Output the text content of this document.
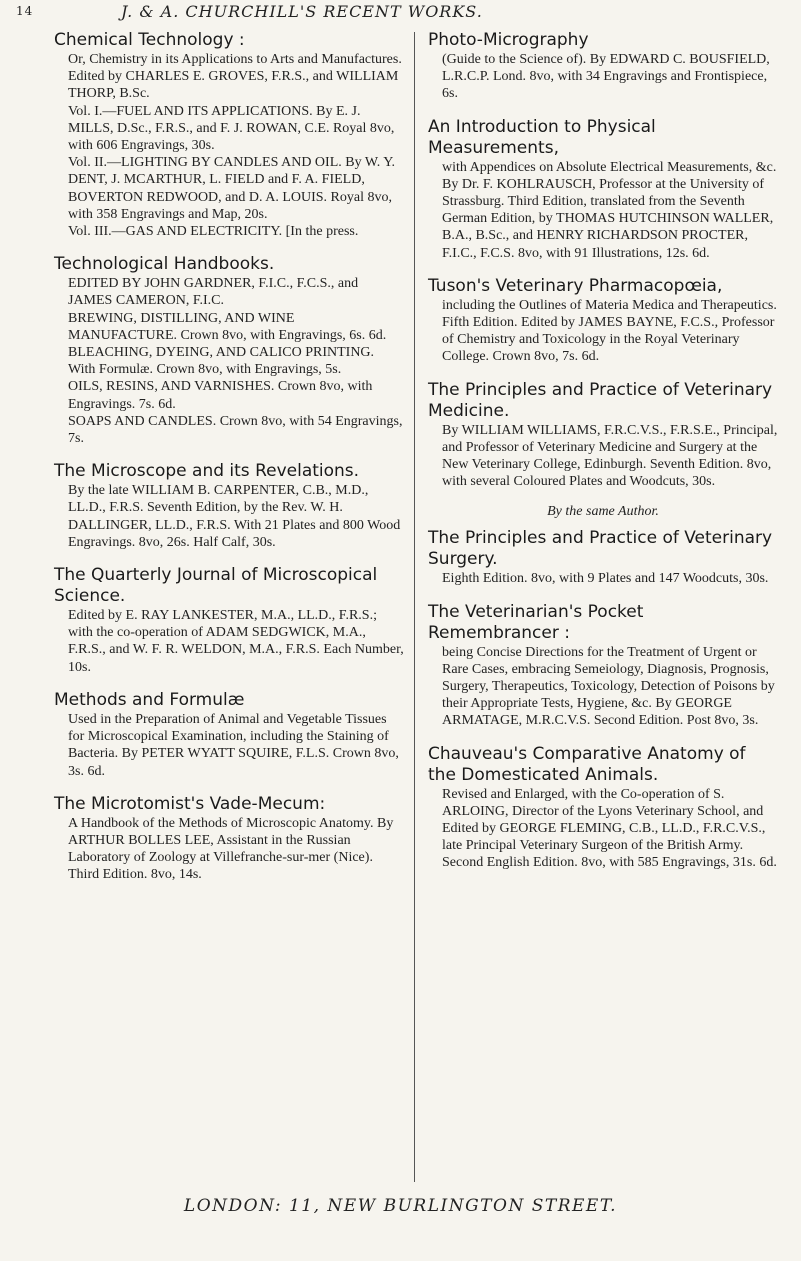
14	J. & A. CHURCHILL'S RECENT WORKS.
Chemical Technology :

Or, Chemistry in its Applications to Arts and Manufactures. Edited by CHARLES E. GROVES, F.R.S., and WILLIAM THORP, B.Sc.

Vol. I.—FUEL AND ITS APPLICATIONS. By E. J. MILLS, D.Sc., F.R.S., and F. J. ROWAN, C.E. Royal 8vo, with 606 Engravings, 30s.

Vol. II.—LIGHTING BY CANDLES AND OIL. By W. Y. DENT, J. MCARTHUR, L. FIELD and F. A. FIELD, BOVERTON REDWOOD, and D. A. LOUIS. Royal 8vo, with 358 Engravings and Map, 20s.

Vol. III.—GAS AND ELECTRICITY. [In the press.

Technological Handbooks.

EDITED BY JOHN GARDNER, F.I.C., F.C.S., and JAMES CAMERON, F.I.C.

BREWING, DISTILLING, AND WINE MANUFACTURE. Crown 8vo, with Engravings, 6s. 6d.

BLEACHING, DYEING, AND CALICO PRINTING. With Formulæ. Crown 8vo, with Engravings, 5s.

OILS, RESINS, AND VARNISHES. Crown 8vo, with Engravings. 7s. 6d.

SOAPS AND CANDLES. Crown 8vo, with 54 Engravings, 7s.

The Microscope and its Revelations.

By the late WILLIAM B. CARPENTER, C.B., M.D., LL.D., F.R.S. Seventh Edition, by the Rev. W. H. DALLINGER, LL.D., F.R.S. With 21 Plates and 800 Wood Engravings. 8vo, 26s. Half Calf, 30s.

The Quarterly Journal of Microscopical Science.

Edited by E. RAY LANKESTER, M.A., LL.D., F.R.S.; with the co-operation of ADAM SEDGWICK, M.A., F.R.S., and W. F. R. WELDON, M.A., F.R.S. Each Number, 10s.

Methods and Formulæ

Used in the Preparation of Animal and Vegetable Tissues for Microscopical Examination, including the Staining of Bacteria. By PETER WYATT SQUIRE, F.L.S. Crown 8vo, 3s. 6d.

The Microtomist's Vade-Mecum:

A Handbook of the Methods of Microscopic Anatomy. By ARTHUR BOLLES LEE, Assistant in the Russian Laboratory of Zoology at Villefranche-sur-mer (Nice). Third Edition. 8vo, 14s.

Photo-Micrography

(Guide to the Science of). By EDWARD C. BOUSFIELD, L.R.C.P. Lond. 8vo, with 34 Engravings and Frontispiece, 6s.

An Introduction to Physical Measurements,

with Appendices on Absolute Electrical Measurements, &c. By Dr. F. KOHLRAUSCH, Professor at the University of Strassburg. Third Edition, translated from the Seventh German Edition, by THOMAS HUTCHINSON WALLER, B.A., B.Sc., and HENRY RICHARDSON PROCTER, F.I.C., F.C.S. 8vo, with 91 Illustrations, 12s. 6d.

Tuson's Veterinary Pharmacopœia,

including the Outlines of Materia Medica and Therapeutics. Fifth Edition. Edited by JAMES BAYNE, F.C.S., Professor of Chemistry and Toxicology in the Royal Veterinary College. Crown 8vo, 7s. 6d.

The Principles and Practice of Veterinary Medicine.

By WILLIAM WILLIAMS, F.R.C.V.S., F.R.S.E., Principal, and Professor of Veterinary Medicine and Surgery at the New Veterinary College, Edinburgh. Seventh Edition. 8vo, with several Coloured Plates and Woodcuts, 30s.

By the same Author.
The Principles and Practice of Veterinary Surgery.

Eighth Edition. 8vo, with 9 Plates and 147 Woodcuts, 30s.

The Veterinarian's Pocket Remembrancer :

being Concise Directions for the Treatment of Urgent or Rare Cases, embracing Semeiology, Diagnosis, Prognosis, Surgery, Therapeutics, Toxicology, Detection of Poisons by their Appropriate Tests, Hygiene, &c. By GEORGE ARMATAGE, M.R.C.V.S. Second Edition. Post 8vo, 3s.

Chauveau's Comparative Anatomy of the Domesticated Animals.

Revised and Enlarged, with the Co-operation of S. ARLOING, Director of the Lyons Veterinary School, and Edited by GEORGE FLEMING, C.B., LL.D., F.R.C.V.S., late Principal Veterinary Surgeon of the British Army. Second English Edition. 8vo, with 585 Engravings, 31s. 6d.

LONDON: 11, NEW BURLINGTON STREET.
